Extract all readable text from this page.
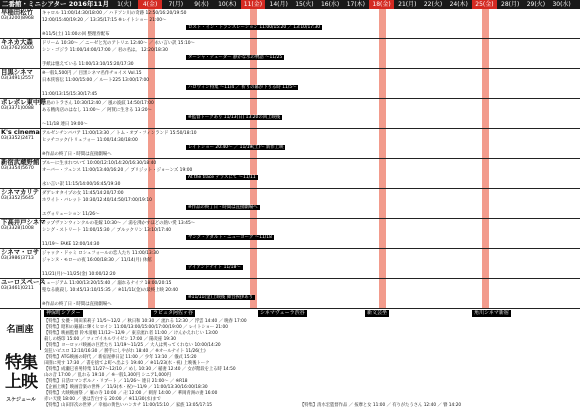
二番館・ミニシアター 2016年11月	1(火)	4(金)	7(月)	9(水)	10(木)	11(金)	14(月)	15(火)	16(水)	17(木)	18(金)	21(月)	22(火)	24(木)	25(金)	28(月)	29(火)	30(水)
早稲田松竹
03(3200)8968
キャロル 11:00/14:30/18:00 ／ ハドソン川の奇跡 12:50/16:20/19:50
12:00/15:40/19:20 ／ 13:35/17:15 ※レイトショー 21:00〜
ロスト・イン・トランスレーション 11:00/15:20 ／ 13:10/17:30
※11/5(土) 11:00の回 整理券配布
キネカ大森
03(3762)6000
ドリーム 10:30〜 ／ ニーゼと光のアトリエ 12:40〜 ／ 永い言い訳 15:10〜
シン・ゴジラ 11:00/14:00/17:00 ／ 君の名は。 12:20/18:30
ターシャ・テューダー 静かな水の物語 〜11/25
手紙は憶えている 11:00/13:10/15:20/17:30
目黒シネマ
03(3491)2557
※一般1,500円 ／ 目黒シネマ名作チョイス Vol.15
日本侠客伝 11:00/15:00 ／ ルート225 13:00/17:00
ハロウィン特集 〜11/4 ／ 祈りの幕が下りる時 11/5〜
11:00/13:15/15:30/17:45
ポレポレ東中野
03(3371)0088
五島のトラさん 10:30/12:40 ／ 風の波紋 14:50/17:00
ある精肉店のはなし 11:00〜 ／ 阿賀に生きる 13:20〜
※監督トークあり 11/13(日) 13:20の回上映後
〜11/18 連日 19:00〜
K's cinema
03(3352)2471
アルゼンチンババア 11:00/13:30 ／ トム・オブ・フィンランド 15:50/18:10
ヒッチコック/トリュフォー 11:00/14:30/18:00
レイトショー 20:40〜 ／ 11/19(土)〜 新作上映
※作品の終了日・時間は直接劇場へ
新宿武蔵野館
03(3354)5670
ブルーに生まれついて 10:00/12:10/14:20/16:30/18:40
オーバー・フェンス 11:00/13:40/16:20 ／ ブリジット・ジョーンズ 19:00
At the trace テラスにて 〜11/11
永い言い訳 11:15/14:00/16:45/19:30
シネマカリテ
03(3352)5645
ダゲレオタイプの女 11:45/14:20/17:00
ホワイト・バレット 10:30/12:40/14:50/17:00/19:10
※作品の終了日・時間は直接劇場へ
エヴォリューション 11/26〜
下高井戸シネマ
03(3328)1008
リップヴァンウィンクルの花嫁 10:30〜 ／ 湯を沸かすほどの熱い愛 13:45〜
シング・ストリート 11:00/15:30 ／ ブルックリン 13:10/17:40
ヤング・アダルト・ニューヨーク 〜11/18
11/19〜 FAKE 12:00/14:30
シネマ・ロサ
03(3986)3713
ジャック・ドゥミ ロシュフォールの恋人たち 11:00/13:30
ジャンヌ・モローの夜 16:00/18:30 ／ 11/14(月) 休館
デイアンドナイト 11/18〜
11/21(月)〜11/25(金) 10:00/12:20
ユーロスペース
03(3461)0211
ミュージアム 11:00/13:20/15:40 ／ 溺れるナイフ 18:00/20:15
聖なる鹿殺し 10:45/13:10/15:35 ／ ※11/11(金)の最終上映 20:40
※11/11(金)上映後 舞台挨拶あり
※作品の終了日・時間は直接劇場へ
名画座
特集上映
スケジュール
神保町シアター	ラピュタ阿佐ヶ谷	シネマヴェーラ渋谷	新文芸坐	角川シネマ新宿
【特集】女優・岡田茉莉子 11/5〜12/2 ／ 秋日和 10:30 ／ 流れる 12:30 ／ 浮雲 14:40 ／ 晩春 17:00
【特集】昭和の銀幕に輝くヒロイン 11:00/13:00/15:00/17:00/19:00 ／ レイトショー 21:00
【特集】映画監督 鈴木清順 11/12〜12/9 ／ 東京流れ者 11:00 ／ けんかえれじい 13:00
殺しの烙印 15:00 ／ ツィゴイネルワイゼン 17:00 ／ 陽炎座 19:30
【特集】ヨーロッパ映画の巨匠たち 11/19〜11/25 ／ 大人は判ってくれない 10:00/14:20
気狂いピエロ 12:10/16:30 ／ 勝手にしやがれ 18:40 ／ ※オールナイト 11/26(土)
【特集】ATG映画の時代 ／ 新宿泥棒日記 11:00 ／ 少年 13:10 ／ 儀式 15:20
田園に死す 17:30 ／ 書を捨てよ町へ出よう 19:40 ／ ※11/23(水・祝) 上映後トーク
【特集】成瀬巳喜男特集 11/27〜12/10 ／ めし 10:30 ／ 稲妻 12:40 ／ 女が階段を上る時 14:50
山の音 17:00 ／ 乱れる 19:10 ／ ※一般1,300円 シニア1,000円
【特集】日活ロマンポルノ・リブート ／ 11/26〜 連日 21:00〜 ／ ※R18
【企画上映】映画音楽の世界 ／ 11/3(木・祝)〜11/9 ／ 11:00/13:30/16:00/18:30
【特集】大映映画祭 ／ 雁の寺 10:00 ／ 卍 12:00 ／ 刺青 14:00 ／ 華岡青洲の妻 16:00
赤い天使 18:00 ／ 妻は告白する 20:00 ／ ※11/30(水)まで
【特集】山田洋次の世界 ／ 幸福の黄色いハンカチ 11:00/15:10 ／ 家族 13:05/17:15	【特集】清水宏監督作品 ／ 按摩と女 11:00 ／ 有りがたうさん 12:40 ／ 簪 14:20
